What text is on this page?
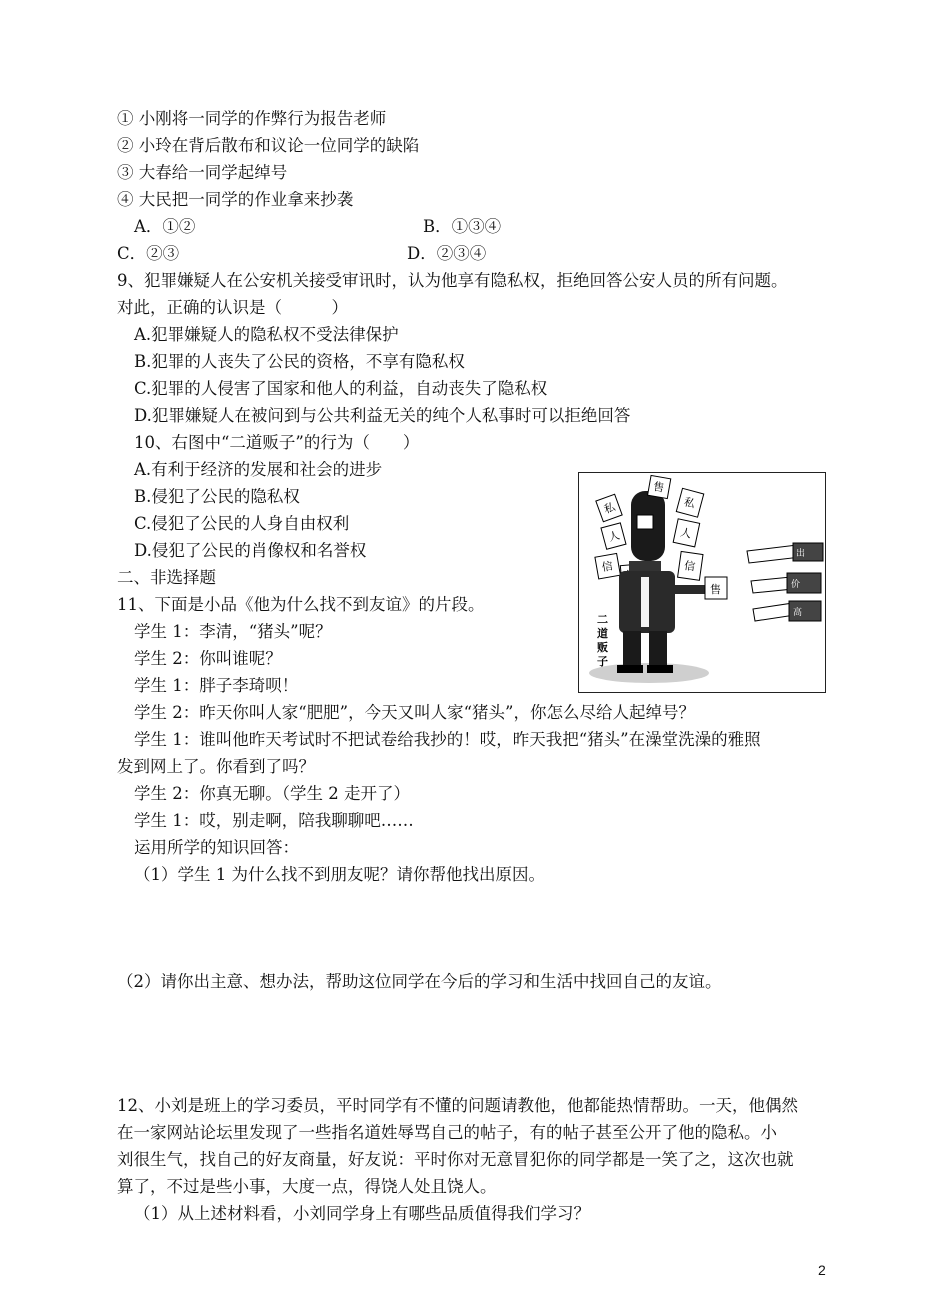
① 小刚将一同学的作弊行为报告老师
② 小玲在背后散布和议论一位同学的缺陷
③ 大春给一同学起绰号
④ 大民把一同学的作业拿来抄袭
A．①②	B．①③④
C．②③	D．②③④
9、犯罪嫌疑人在公安机关接受审讯时，认为他享有隐私权，拒绝回答公安人员的所有问题。
对此，正确的认识是（　　　）
A.犯罪嫌疑人的隐私权不受法律保护
B.犯罪的人丧失了公民的资格，不享有隐私权
C.犯罪的人侵害了国家和他人的利益，自动丧失了隐私权
D.犯罪嫌疑人在被问到与公共利益无关的纯个人私事时可以拒绝回答
10、右图中“二道贩子”的行为（　　）
A.有利于经济的发展和社会的进步
B.侵犯了公民的隐私权
C.侵犯了公民的人身自由权利
D.侵犯了公民的肖像权和名誉权
私
人
信
售
私
人
信
售
二
道
贩
子
出
价
高
二、非选择题
11、下面是小品《他为什么找不到友谊》的片段。
学生 1：李清，“猪头”呢？
学生 2：你叫谁呢？
学生 1：胖子李琦呗！
学生 2：昨天你叫人家“肥肥”，今天又叫人家“猪头”，你怎么尽给人起绰号？
学生 1：谁叫他昨天考试时不把试卷给我抄的！哎，昨天我把“猪头”在澡堂洗澡的雅照
发到网上了。你看到了吗？
学生 2：你真无聊。（学生 2 走开了）
学生 1：哎，别走啊，陪我聊聊吧……
运用所学的知识回答：
（1）学生 1 为什么找不到朋友呢？请你帮他找出原因。
（2）请你出主意、想办法，帮助这位同学在今后的学习和生活中找回自己的友谊。
12、小刘是班上的学习委员，平时同学有不懂的问题请教他，他都能热情帮助。一天，他偶然
在一家网站论坛里发现了一些指名道姓辱骂自己的帖子，有的帖子甚至公开了他的隐私。小
刘很生气，找自己的好友商量，好友说：平时你对无意冒犯你的同学都是一笑了之，这次也就
算了，不过是些小事，大度一点，得饶人处且饶人。
（1）从上述材料看，小刘同学身上有哪些品质值得我们学习？
2
